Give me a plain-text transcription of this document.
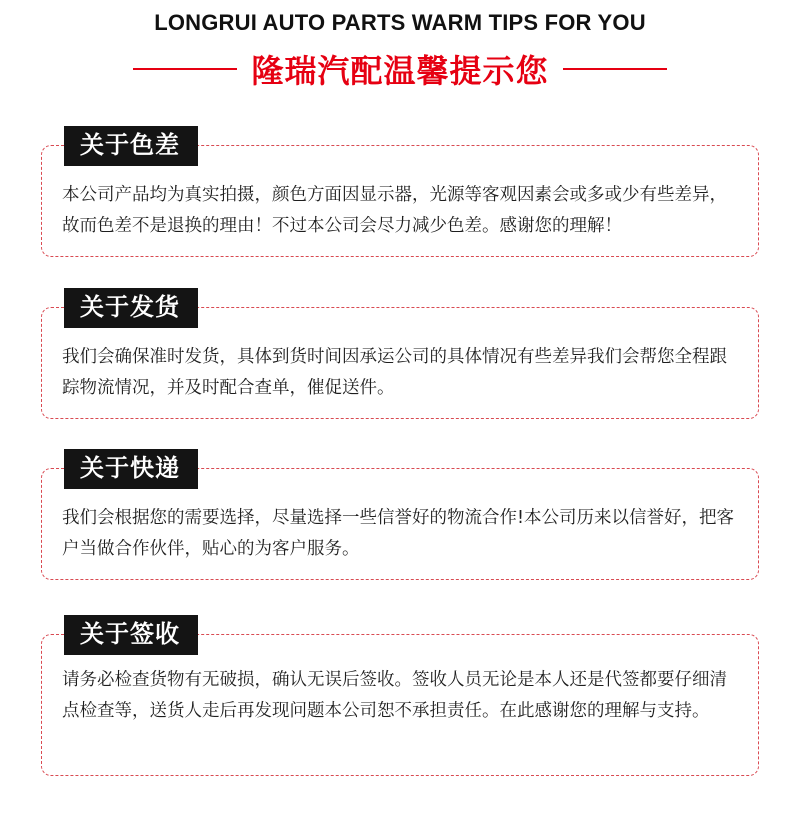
LONGRUI AUTO PARTS WARM TIPS FOR YOU
隆瑞汽配温馨提示您
关于色差

本公司产品均为真实拍摄，颜色方面因显示器，光源等客观因素会或多或少有些差异，故而色差不是退换的理由！不过本公司会尽力减少色差。感谢您的理解！

关于发货

我们会确保准时发货，具体到货时间因承运公司的具体情况有些差异我们会帮您全程跟踪物流情况，并及时配合查单，催促送件。

关于快递

我们会根据您的需要选择，尽量选择一些信誉好的物流合作!本公司历来以信誉好，把客户当做合作伙伴，贴心的为客户服务。

关于签收

请务必检查货物有无破损，确认无误后签收。签收人员无论是本人还是代签都要仔细清点检查等，送货人走后再发现问题本公司恕不承担责任。在此感谢您的理解与支持。
